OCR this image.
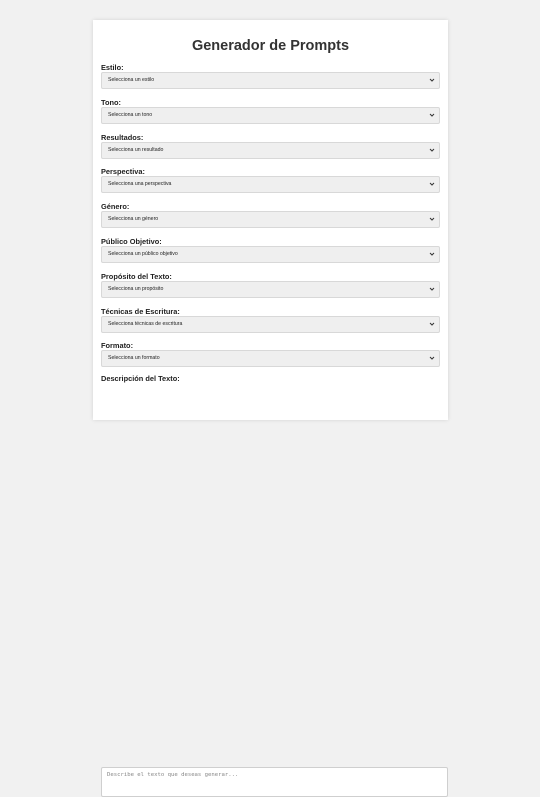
Generador de Prompts
Estilo:
Selecciona un estilo
Tono:
Selecciona un tono
Resultados:
Selecciona un resultado
Perspectiva:
Selecciona una perspectiva
Género:
Selecciona un género
Público Objetivo:
Selecciona un público objetivo
Propósito del Texto:
Selecciona un propósito
Técnicas de Escritura:
Selecciona técnicas de escritura
Formato:
Selecciona un formato
Descripción del Texto:
Describe el texto que deseas generar...
